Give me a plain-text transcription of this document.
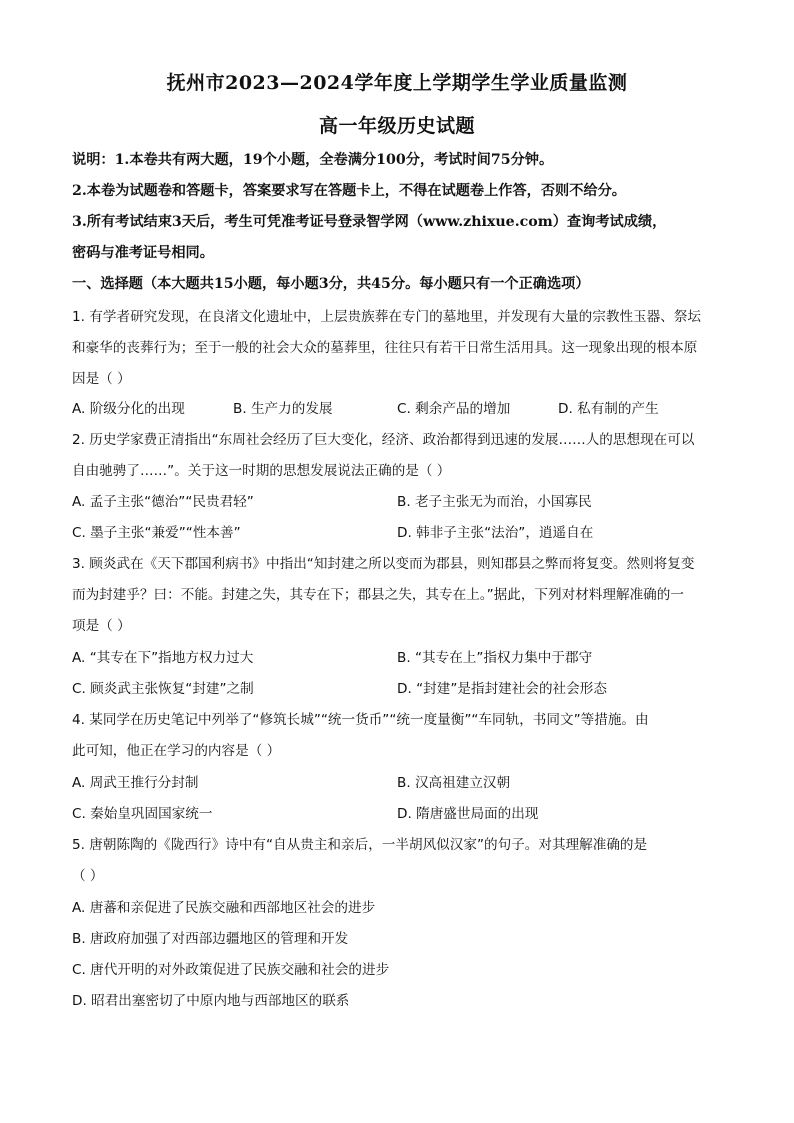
抚州市2023—2024学年度上学期学生学业质量监测
高一年级历史试题
说明：1.本卷共有两大题，19个小题，全卷满分100分，考试时间75分钟。
2.本卷为试题卷和答题卡，答案要求写在答题卡上，不得在试题卷上作答，否则不给分。
3.所有考试结束3天后，考生可凭准考证号登录智学网（www.zhixue.com）查询考试成绩，
密码与准考证号相同。
一、选择题（本大题共15小题，每小题3分，共45分。每小题只有一个正确选项）
1. 有学者研究发现，在良渚文化遗址中，上层贵族葬在专门的墓地里，并发现有大量的宗教性玉器、祭坛
和豪华的丧葬行为；至于一般的社会大众的墓葬里，往往只有若干日常生活用具。这一现象出现的根本原
因是（ ）
A. 阶级分化的出现	B. 生产力的发展	C. 剩余产品的增加	D. 私有制的产生
2. 历史学家费正清指出“东周社会经历了巨大变化，经济、政治都得到迅速的发展……人的思想现在可以
自由驰骋了……”。关于这一时期的思想发展说法正确的是（ ）
A. 孟子主张“德治”“民贵君轻”	B. 老子主张无为而治，小国寡民
C. 墨子主张“兼爱”“性本善”	D. 韩非子主张“法治”，逍遥自在
3. 顾炎武在《天下郡国利病书》中指出“知封建之所以变而为郡县，则知郡县之弊而将复变。然则将复变
而为封建乎？曰：不能。封建之失，其专在下；郡县之失，其专在上。”据此，下列对材料理解准确的一
项是（ ）
A. “其专在下”指地方权力过大	B. “其专在上”指权力集中于郡守
C. 顾炎武主张恢复“封建”之制	D. “封建”是指封建社会的社会形态
4. 某同学在历史笔记中列举了“修筑长城”“统一货币”“统一度量衡”“车同轨，书同文”等措施。由
此可知，他正在学习的内容是（ ）
A. 周武王推行分封制	B. 汉高祖建立汉朝
C. 秦始皇巩固国家统一	D. 隋唐盛世局面的出现
5. 唐朝陈陶的《陇西行》诗中有“自从贵主和亲后，一半胡风似汉家”的句子。对其理解准确的是
（ ）
A. 唐蕃和亲促进了民族交融和西部地区社会的进步
B. 唐政府加强了对西部边疆地区的管理和开发
C. 唐代开明的对外政策促进了民族交融和社会的进步
D. 昭君出塞密切了中原内地与西部地区的联系
